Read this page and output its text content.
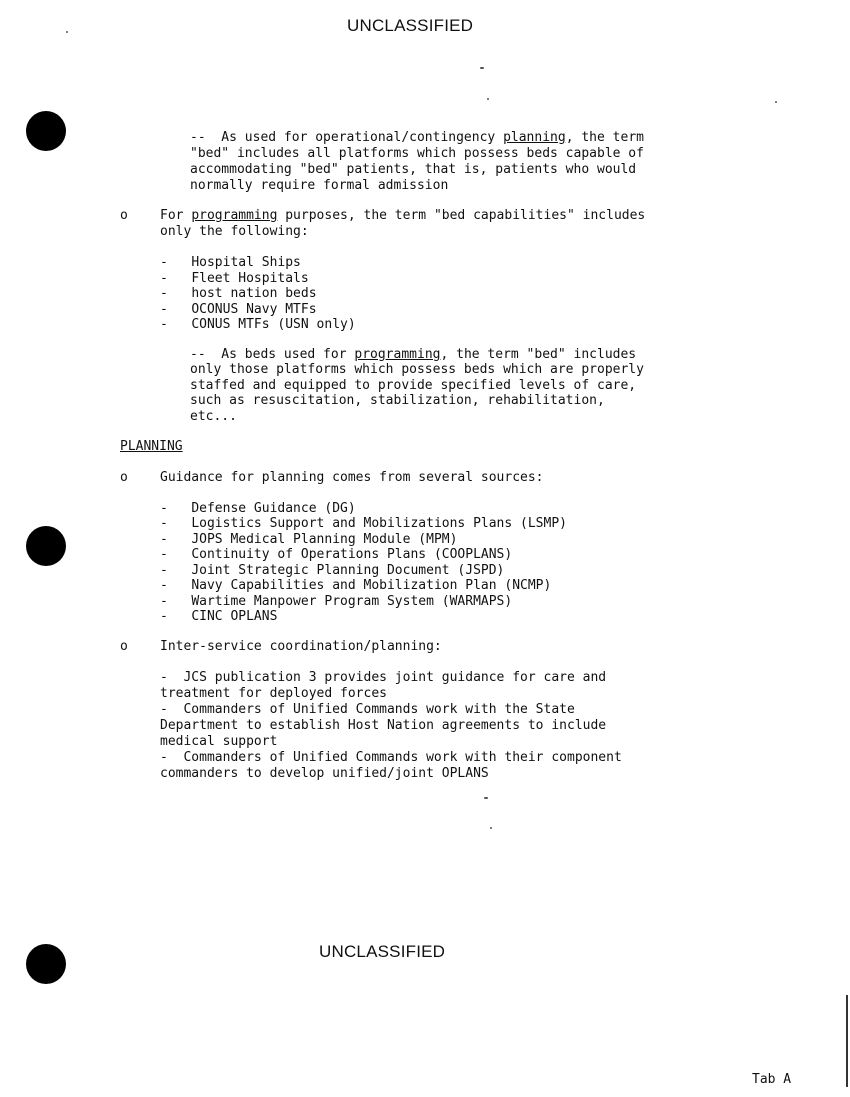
UNCLASSIFIED
UNCLASSIFIED
--  As used for operational/contingency planning, the term
"bed" includes all platforms which possess beds capable of
accommodating "bed" patients, that is, patients who would
normally require formal admission
o For programming purposes, the term "bed capabilities" includes
only the following:
-   Hospital Ships
-   Fleet Hospitals
-   host nation beds
-   OCONUS Navy MTFs
-   CONUS MTFs (USN only)
--  As beds used for programming, the term "bed" includes
only those platforms which possess beds which are properly
staffed and equipped to provide specified levels of care,
such as resuscitation, stabilization, rehabilitation,
etc...
PLANNING
o Guidance for planning comes from several sources:
-   Defense Guidance (DG)
-   Logistics Support and Mobilizations Plans (LSMP)
-   JOPS Medical Planning Module (MPM)
-   Continuity of Operations Plans (COOPLANS)
-   Joint Strategic Planning Document (JSPD)
-   Navy Capabilities and Mobilization Plan (NCMP)
-   Wartime Manpower Program System (WARMAPS)
-   CINC OPLANS
o Inter-service coordination/planning:
-  JCS publication 3 provides joint guidance for care and
treatment for deployed forces
-  Commanders of Unified Commands work with the State
Department to establish Host Nation agreements to include
medical support
-  Commanders of Unified Commands work with their component
commanders to develop unified/joint OPLANS
Tab A
